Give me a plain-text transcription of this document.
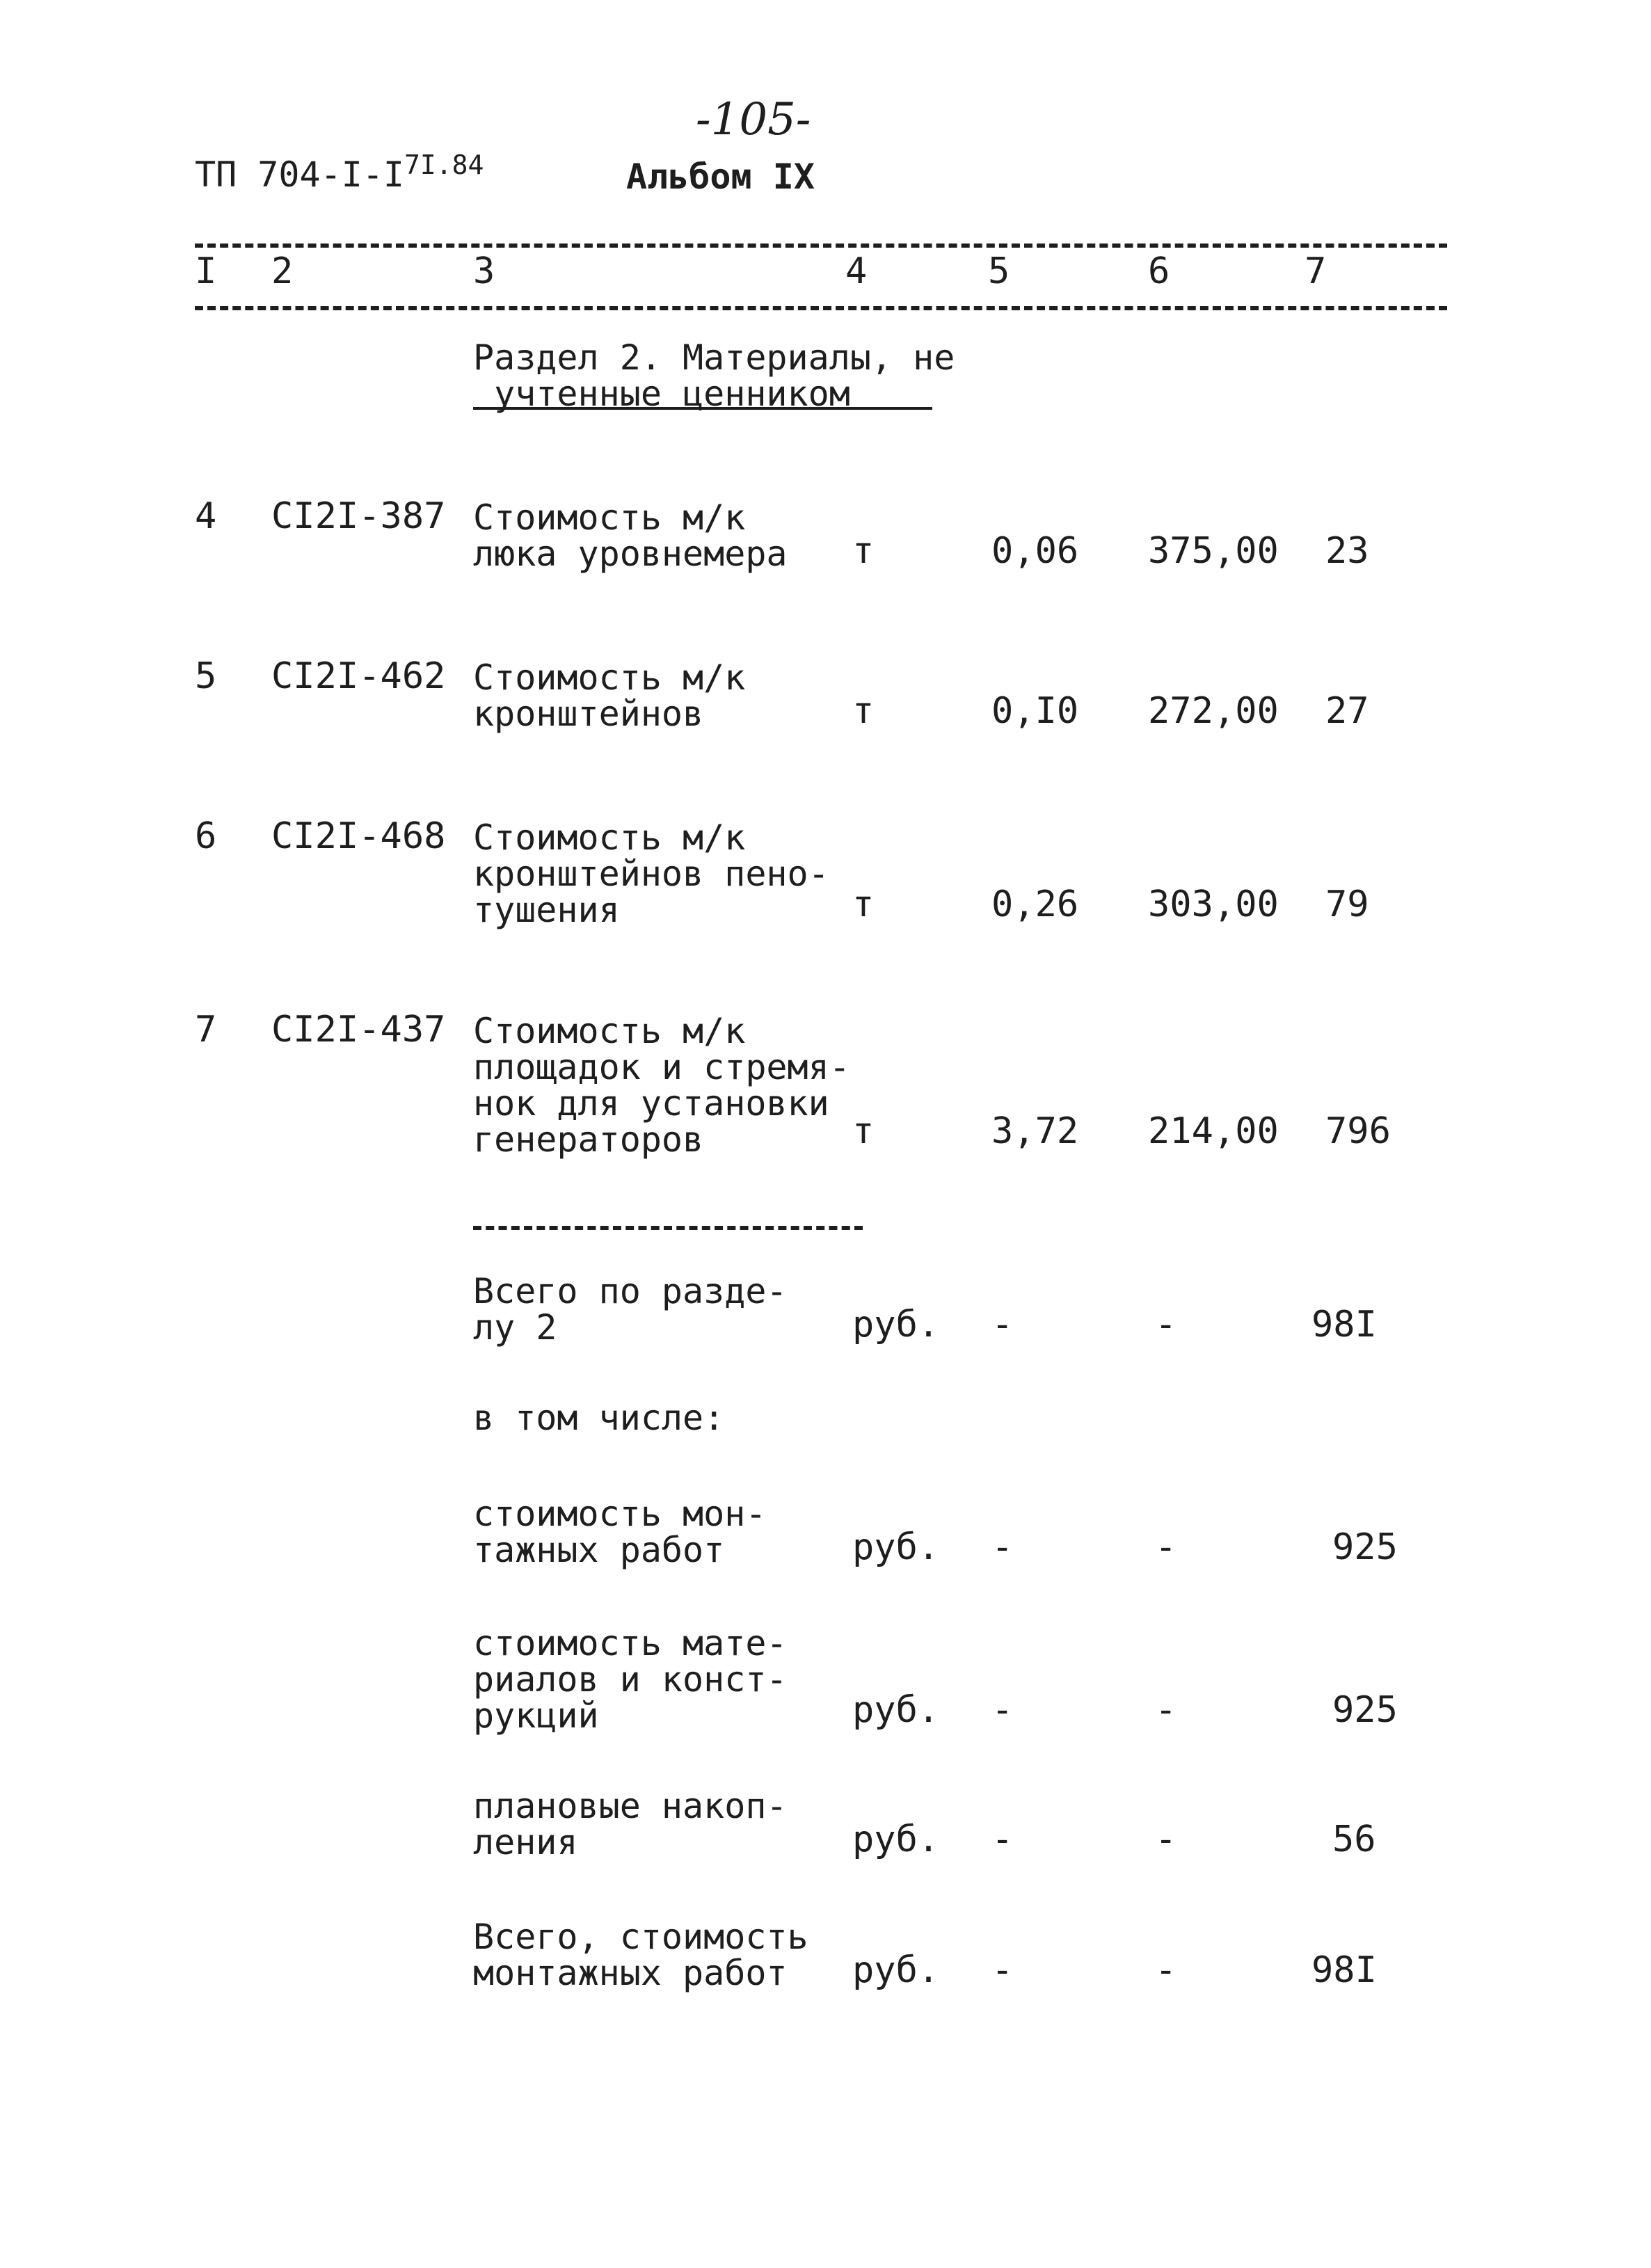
-105-
ТП $704-I-I^{7I.84}$	Альбом IX
I 2	3	4	5	6	7
Раздел 2. Материалы, не
учтенные ценником
4 CI2I-387 Стоимость м/к
люка уровнемера т	0,06 375,00 23
5 CI2I-462 Стоимость м/к
кронштейнов	т	0,I0 272,00 27
6 CI2I-468 Стоимость м/к
кронштейнов пено-
тушения	т	0,26 303,00 79
7 CI2I-437 Стоимость м/к
площадок и стремя-
нок для установки
генераторов	т	3,72 214,00 796
Всего по разде-
лу 2	руб. -	-	98I
в том числе:
стоимость мон-
тажных работ	руб. -	-	925
стоимость мате-
риалов и конст-
рукций	руб. -	-	925
плановые накоп-
ления	руб. -	-	56
Всего, стоимость
монтажных работ	руб. -	-	98I
